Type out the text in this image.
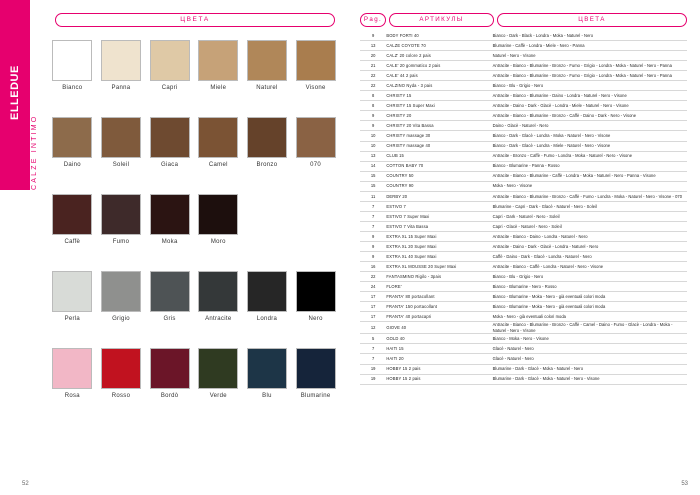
ELLEDUE
CALZE INTIMO
ЦВЕТА
Bianco	Panna	Capri	Miele	Naturel	Visone
Daino	Soleil	Giaca	Camel	Bronzo	070
Caffè	Fumo	Moka	Moro
Perla	Grigio	Gris	Antracite	Londra	Nero
Rosa	Rosso	Bordò	Verde	Blu	Blumarine
52
Pag.	АРТИКУЛЫ	ЦВЕТА
9	BODY FORTI 40	Bianco - Dark - Black - Londra - Moka - Naturel - Nero
13	CALZE COYOTE 70	Blumarine - Caffè - Londra - Miele - Nero - Panna
20	CALZ' 20 colore 2 pais	Naturel - Nero - Visone
21	CALE' 20 gommatico 2 pais	Antracite - Bianco - Blumarine - Bronzo - Fumo - Grigio - Londra - Moka - Naturel - Nero - Panna
22	CALE' 44 2 pais	Antracite - Bianco - Blumarine - Bronzo - Fumo - Grigio - Londra - Moka - Naturel - Nero - Panna
22	CALZINO Nyda - 3 pais	Bianco - Blu - Grigio - Nero
8	CHRISTY 15	Antracite - Bianco - Blumarine - Daino - Londra - Naturel - Nero - Visone
8	CHRISTY 15 Super Maxi	Antracite - Daino - Dark - Glacè - Londra - Miele - Naturel - Nero - Visone
9	CHRISTY 20	Antracite - Bianco - Blumarine - Bronzo - Caffè - Daino - Dark - Nero - Visone
9	CHRISTY 20 Vita Bassa	Daino - Glacè - Naturel - Nero
10	CHRISTY massage 30	Bianco - Dark - Glacè - Londra - Moka - Naturel - Nero - Visone
10	CHRISTY massage 40	Bianco - Dark - Glacè - Londra - Miele - Naturel - Nero - Visone
13	CLUB 15	Antracite - Bronzo - Caffè - Fumo - Londra - Moka - Naturel - Nero - Visone
14	COTTON BABY 70	Bianco - Blumarine - Panna - Rosso
15	COUNTRY 50	Antracite - Bianco - Blumarine - Caffè - Londra - Moka - Naturel - Nero - Panna - Visone
15	COUNTRY 90	Moka - Nero - Visone
11	DERBY 20	Antracite - Bianco - Blumarine - Bronzo - Caffè - Fumo - Londra - Moka - Naturel - Nero - Visone - 070
7	ESTIVO 7	Blumarine - Capri - Dark - Glacè - Naturel - Nero - Soleil
7	ESTIVO 7 Super Maxi	Capri - Dark - Naturel - Nero - Soleil
7	ESTIVO 7 Vita Bassa	Capri - Glacè - Naturel - Nero - Soleil
9	EXTRA XL 15 Super Maxi	Antracite - Bianco - Daino - Londra - Naturel - Nero
9	EXTRA XL 20 Super Maxi	Antracite - Daino - Dark - Glacè - Londra - Naturel - Nero
9	EXTRA XL 40 Super Maxi	Caffè - Daino - Dark - Glacè - Londra - Naturel - Nero
16	EXTRA XL MOUSSE 20 Super Maxi	Antracite - Bianco - Caffè - Londra - Naturel - Nero - Visone
22	FANTASMINO Rigilo - 3pais	Bianco - Blu - Grigio - Nero
24	FLORE'	Bianco - Blumarine - Nero - Rosso
17	FRANTA' 80 portacollant	Bianco - Blumarine - Moka - Nero - già eventuali colori moda
17	FRANTA' 150 portacollant	Bianco - Blumarine - Moka - Nero - già eventuali colori moda
17	FRANTA' 40 portacapri	Moka - Nero - già eventuali colori moda
12	GIOVE 40	Antracite - Bianco - Blumarine - Bronzo - Caffè - Camel - Daino - Fumo - Glacè - Londra - Moka - Naturel - Nero - Visone
5	GOLD 40	Bianco - Moka - Nero - Visone
7	HAITI 15	Glacè - Naturel - Nero
7	HAITI 20	Glacè - Naturel - Nero
19	HOBBY 15 2 pais	Blumarine - Dark - Glacè - Moka - Naturel - Nero
19	HOBBY 15 2 pais	Blumarine - Dark - Glacè - Moka - Naturel - Nero - Visone
53
